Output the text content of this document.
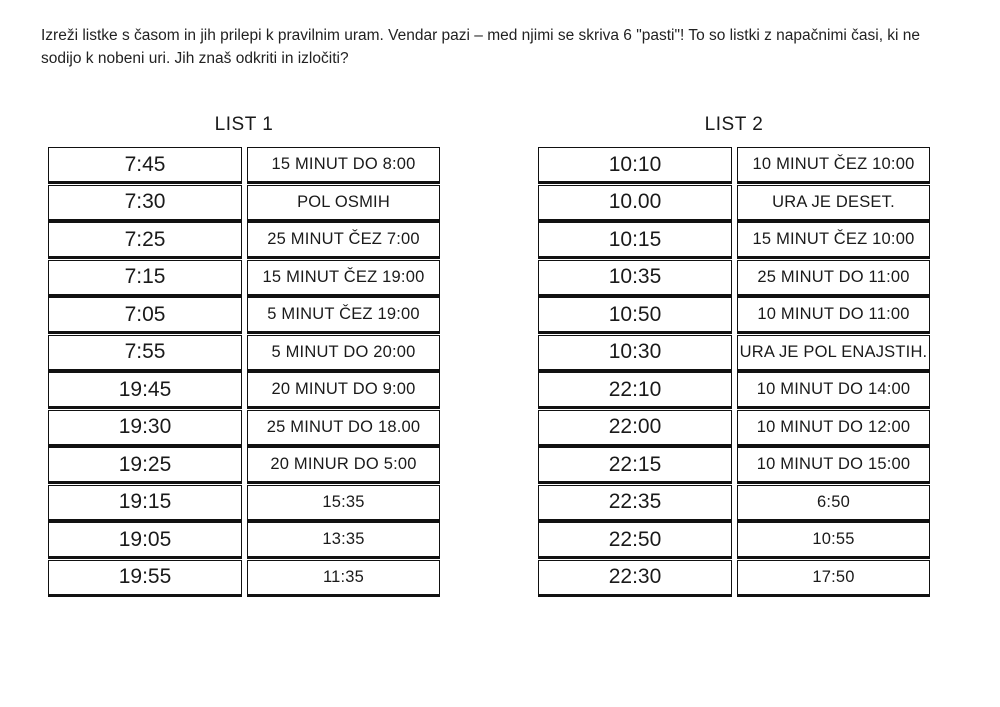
Izreži listke s časom in jih prilepi k pravilnim uram. Vendar pazi – med njimi se skriva 6 "pasti"! To so listki z napačnimi časi, ki ne sodijo k nobeni uri. Jih znaš odkriti in izločiti?
LIST 1
7:45	15 MINUT DO 8:00
7:30	POL OSMIH
7:25	25 MINUT ČEZ 7:00
7:15	15 MINUT ČEZ 19:00
7:05	5 MINUT ČEZ 19:00
7:55	5 MINUT DO 20:00
19:45	20 MINUT DO 9:00
19:30	25 MINUT DO 18.00
19:25	20 MINUR DO 5:00
19:15	15:35
19:05	13:35
19:55	11:35
LIST 2
10:10	10 MINUT ČEZ 10:00
10.00	URA JE DESET.
10:15	15 MINUT ČEZ 10:00
10:35	25 MINUT DO 11:00
10:50	10 MINUT DO 11:00
10:30	URA JE POL ENAJSTIH.
22:10	10 MINUT DO 14:00
22:00	10 MINUT DO 12:00
22:15	10 MINUT DO 15:00
22:35	6:50
22:50	10:55
22:30	17:50
